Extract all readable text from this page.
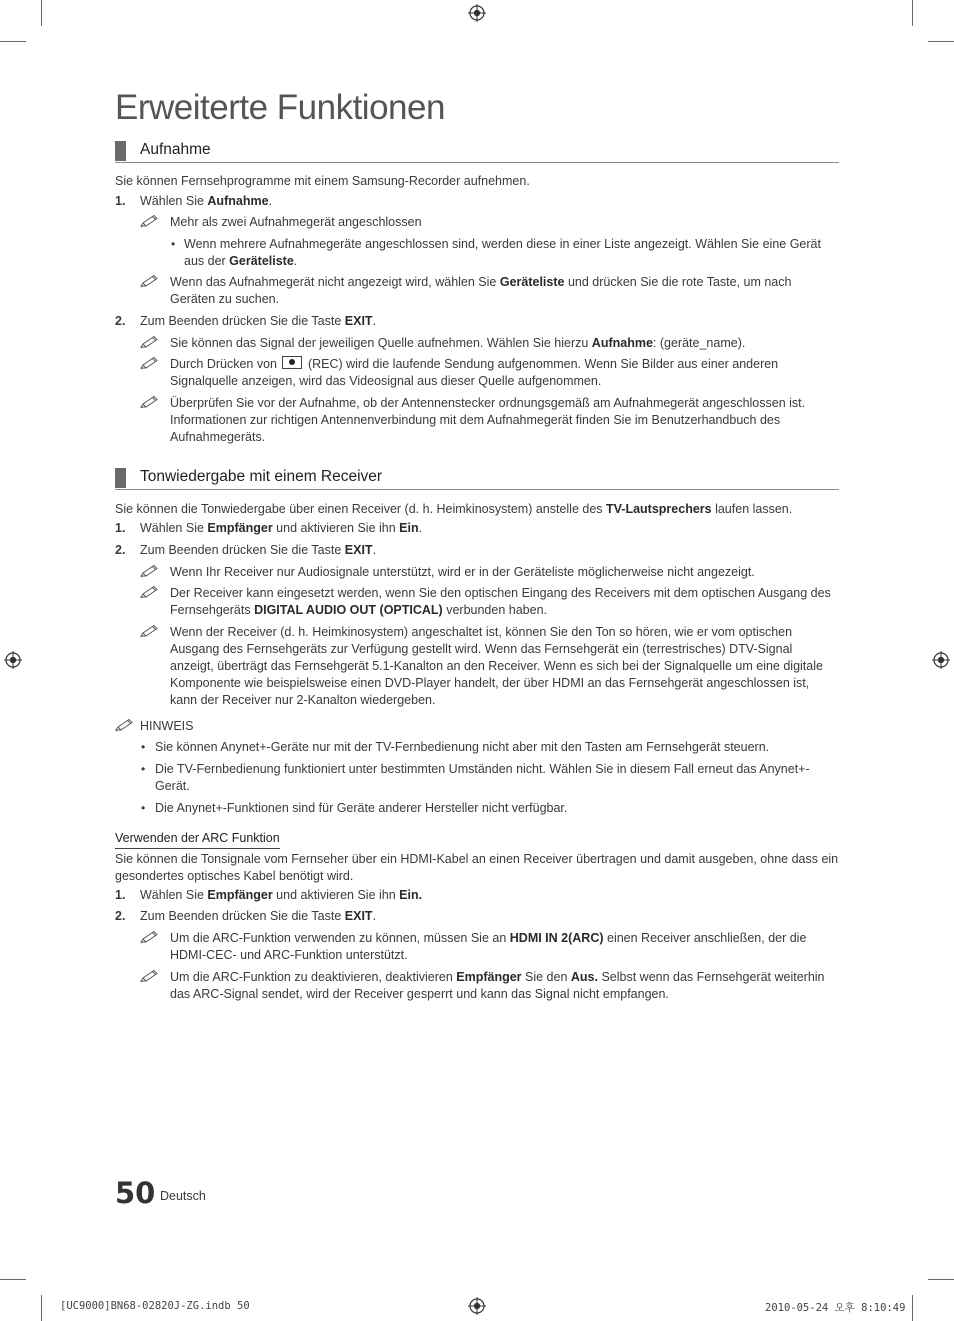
Erweiterte Funktionen
Aufnahme

Sie können Fernsehprogramme mit einem Samsung-Recorder aufnehmen.

1. Wählen Sie Aufnahme.

Mehr als zwei Aufnahmegerät angeschlossen

• Wenn mehrere Aufnahmegeräte angeschlossen sind, werden diese in einer Liste angezeigt. Wählen Sie eine Gerät aus der Geräteliste.

Wenn das Aufnahmegerät nicht angezeigt wird, wählen Sie Geräteliste und drücken Sie die rote Taste, um nach Geräten zu suchen.

2. Zum Beenden drücken Sie die Taste EXIT.

Sie können das Signal der jeweiligen Quelle aufnehmen. Wählen Sie hierzu Aufnahme: (geräte_name).

Durch Drücken von  (REC) wird die laufende Sendung aufgenommen. Wenn Sie Bilder aus einer anderen Signalquelle anzeigen, wird das Videosignal aus dieser Quelle aufgenommen.

Überprüfen Sie vor der Aufnahme, ob der Antennenstecker ordnungsgemäß am Aufnahmegerät angeschlossen ist. Informationen zur richtigen Antennenverbindung mit dem Aufnahmegerät finden Sie im Benutzerhandbuch des Aufnahmegeräts.

Tonwiedergabe mit einem Receiver

Sie können die Tonwiedergabe über einen Receiver (d. h. Heimkinosystem) anstelle des TV-Lautsprechers laufen lassen.

1. Wählen Sie Empfänger und aktivieren Sie ihn Ein.

2. Zum Beenden drücken Sie die Taste EXIT.

Wenn Ihr Receiver nur Audiosignale unterstützt, wird er in der Geräteliste möglicherweise nicht angezeigt.

Der Receiver kann eingesetzt werden, wenn Sie den optischen Eingang des Receivers mit dem optischen Ausgang des Fernsehgeräts DIGITAL AUDIO OUT (OPTICAL) verbunden haben.

Wenn der Receiver (d. h. Heimkinosystem) angeschaltet ist, können Sie den Ton so hören, wie er vom optischen Ausgang des Fernsehgeräts zur Verfügung gestellt wird. Wenn das Fernsehgerät ein (terrestrisches) DTV-Signal anzeigt, überträgt das Fernsehgerät 5.1-Kanalton an den Receiver. Wenn es sich bei der Signalquelle um eine digitale Komponente wie beispielsweise einen DVD-Player handelt, der über HDMI an das Fernsehgerät angeschlossen ist, kann der Receiver nur 2-Kanalton wiedergeben.

HINWEIS

• Sie können Anynet+-Geräte nur mit der TV-Fernbedienung nicht aber mit den Tasten am Fernsehgerät steuern.

• Die TV-Fernbedienung funktioniert unter bestimmten Umständen nicht. Wählen Sie in diesem Fall erneut das Anynet+-Gerät.

• Die Anynet+-Funktionen sind für Geräte anderer Hersteller nicht verfügbar.

Verwenden der ARC Funktion

Sie können die Tonsignale vom Fernseher über ein HDMI-Kabel an einen Receiver übertragen und damit ausgeben, ohne dass ein gesondertes optisches Kabel benötigt wird.

1. Wählen Sie Empfänger und aktivieren Sie ihn Ein.

2. Zum Beenden drücken Sie die Taste EXIT.

Um die ARC-Funktion verwenden zu können, müssen Sie an HDMI IN 2(ARC) einen Receiver anschließen, der die HDMI-CEC- und ARC-Funktion unterstützt.

Um die ARC-Funktion zu deaktivieren, deaktivieren Empfänger Sie den Aus. Selbst wenn das Fernsehgerät weiterhin das ARC-Signal sendet, wird der Receiver gesperrt und kann das Signal nicht empfangen.

50 Deutsch
[UC9000]BN68-02820J-ZG.indb 50	2010-05-24 오후 8:10:49
